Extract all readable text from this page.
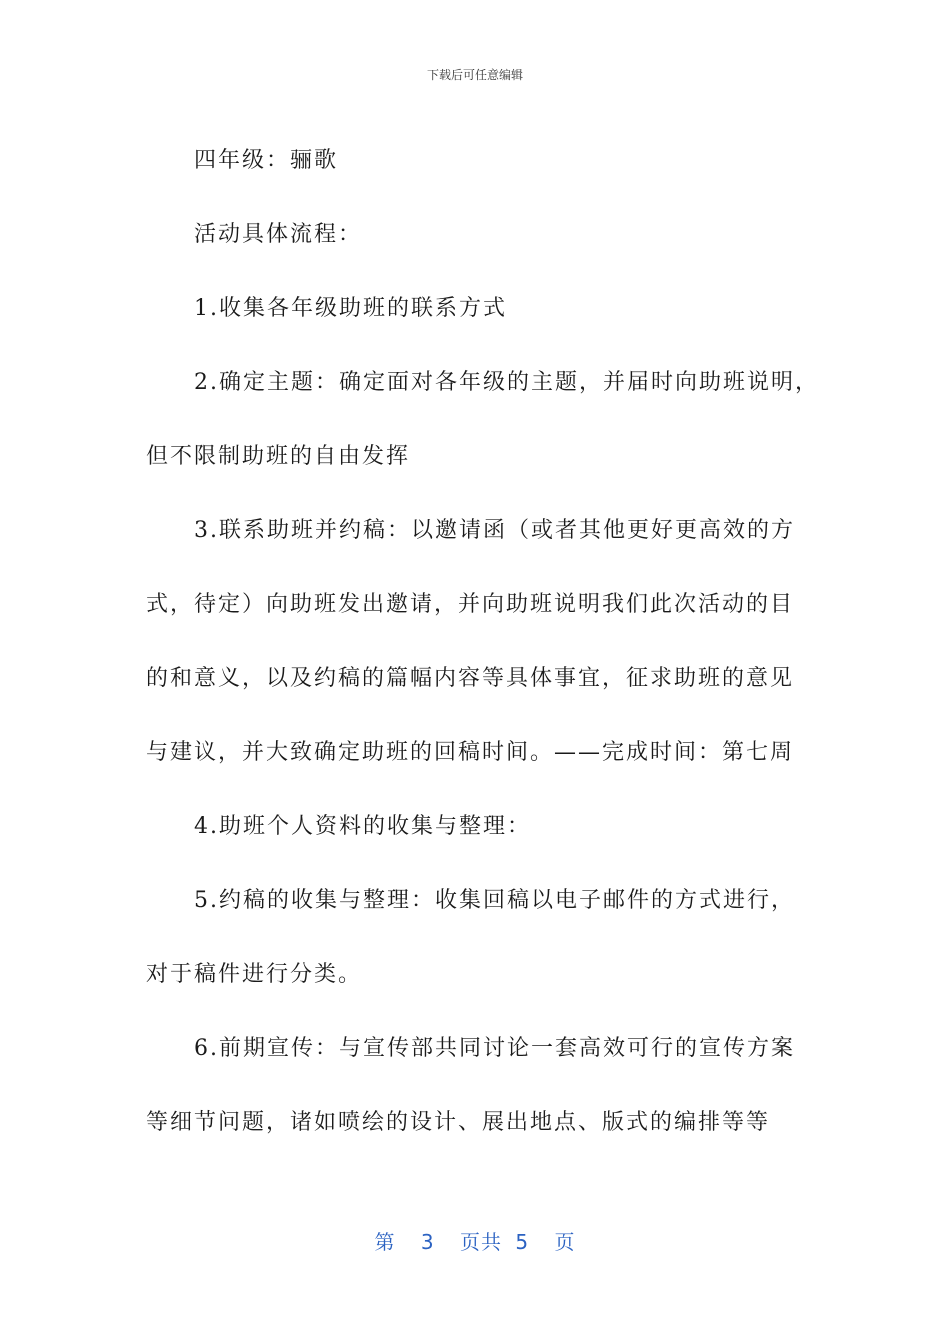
下载后可任意编辑

四年级：骊歌

活动具体流程：

1.收集各年级助班的联系方式

2.确定主题：确定面对各年级的主题，并届时向助班说明，

但不限制助班的自由发挥

3.联系助班并约稿：以邀请函（或者其他更好更高效的方

式，待定）向助班发出邀请，并向助班说明我们此次活动的目

的和意义，以及约稿的篇幅内容等具体事宜，征求助班的意见

与建议，并大致确定助班的回稿时间。——完成时间：第七周

4.助班个人资料的收集与整理：

5.约稿的收集与整理：收集回稿以电子邮件的方式进行，

对于稿件进行分类。

6.前期宣传：与宣传部共同讨论一套高效可行的宣传方案

等细节问题，诸如喷绘的设计、展出地点、版式的编排等等

第 3 页共 5 页
